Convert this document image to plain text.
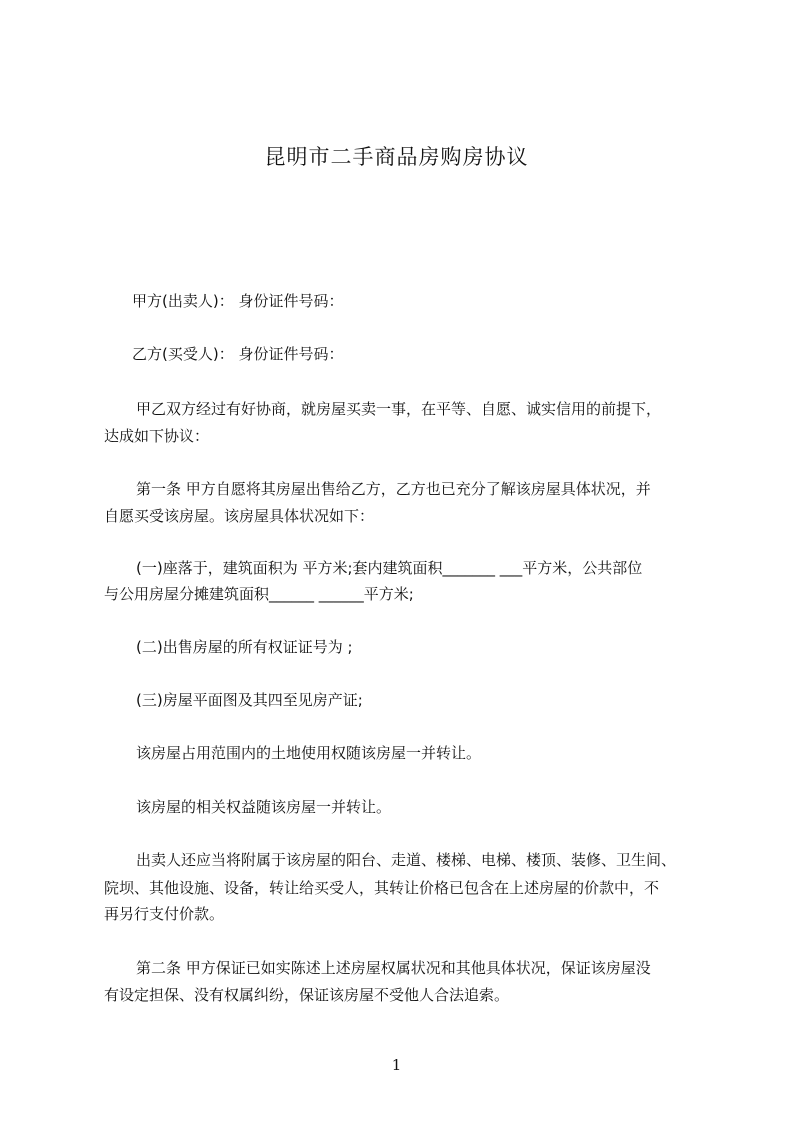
昆明市二手商品房购房协议
甲方(出卖人)： 身份证件号码：
乙方(买受人)： 身份证件号码：
甲乙双方经过有好协商，就房屋买卖一事，在平等、自愿、诚实信用的前提下，
达成如下协议：
第一条 甲方自愿将其房屋出售给乙方，乙方也已充分了解该房屋具体状况，并
自愿买受该房屋。该房屋具体状况如下：
(一)座落于，建筑面积为 平方米;套内建筑面积_______ ___平方米，公共部位
与公用房屋分摊建筑面积______ ______平方米;
(二)出售房屋的所有权证证号为 ;
(三)房屋平面图及其四至见房产证;
该房屋占用范围内的土地使用权随该房屋一并转让。
该房屋的相关权益随该房屋一并转让。
出卖人还应当将附属于该房屋的阳台、走道、楼梯、电梯、楼顶、装修、卫生间、
院坝、其他设施、设备，转让给买受人，其转让价格已包含在上述房屋的价款中，不
再另行支付价款。
第二条 甲方保证已如实陈述上述房屋权属状况和其他具体状况，保证该房屋没
有设定担保、没有权属纠纷，保证该房屋不受他人合法追索。
1
